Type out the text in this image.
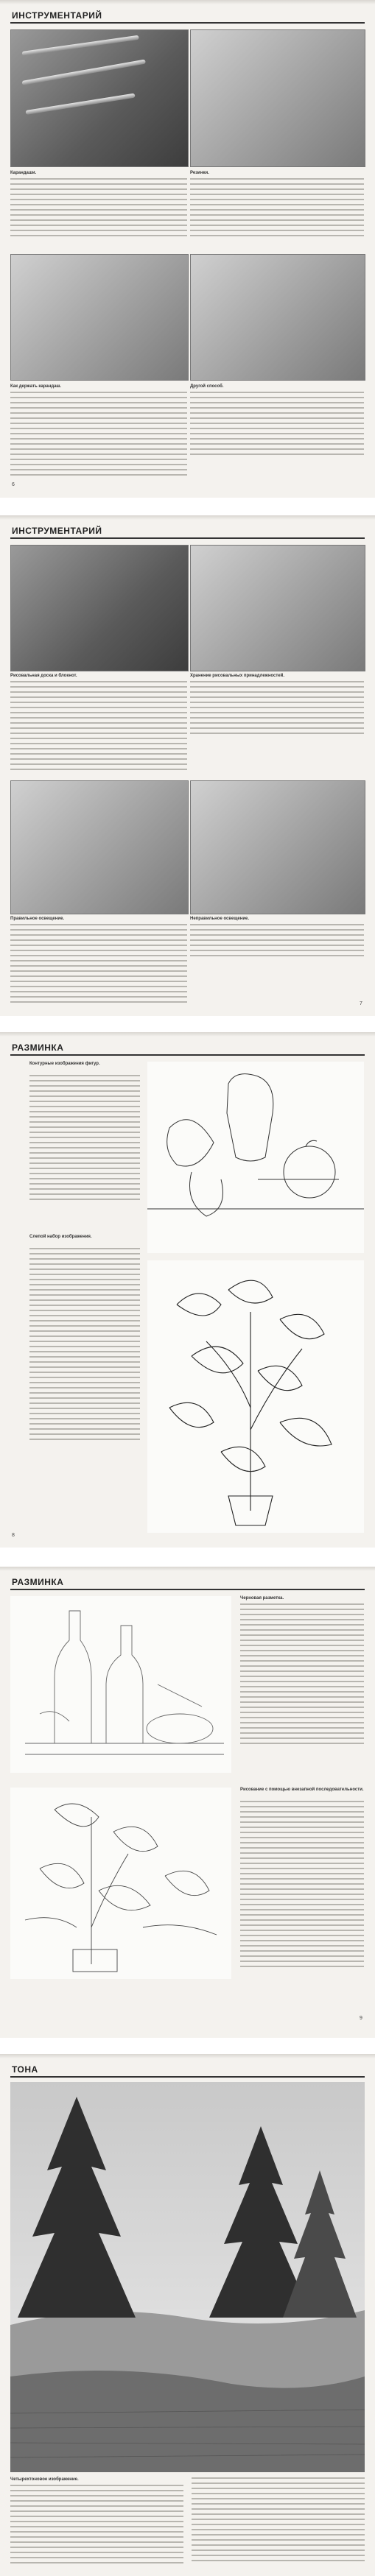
ИНСТРУМЕНТАРИЙ
Карандаши.	Резинки.
Как держать карандаш.	Другой способ.
6
ИНСТРУМЕНТАРИЙ
Рисовальная доска и блокнот.	Хранение рисовальных принадлежностей.
Правильное освещение.	Неправильное освещение.
7
РАЗМИНКА
Контурные изображения фигур.
Слепой набор изображения.
8
РАЗМИНКА
Черновая разметка.
Рисование с помощью внезапной последовательности.
9
ТОНА
Четырехтоновое изображение.
